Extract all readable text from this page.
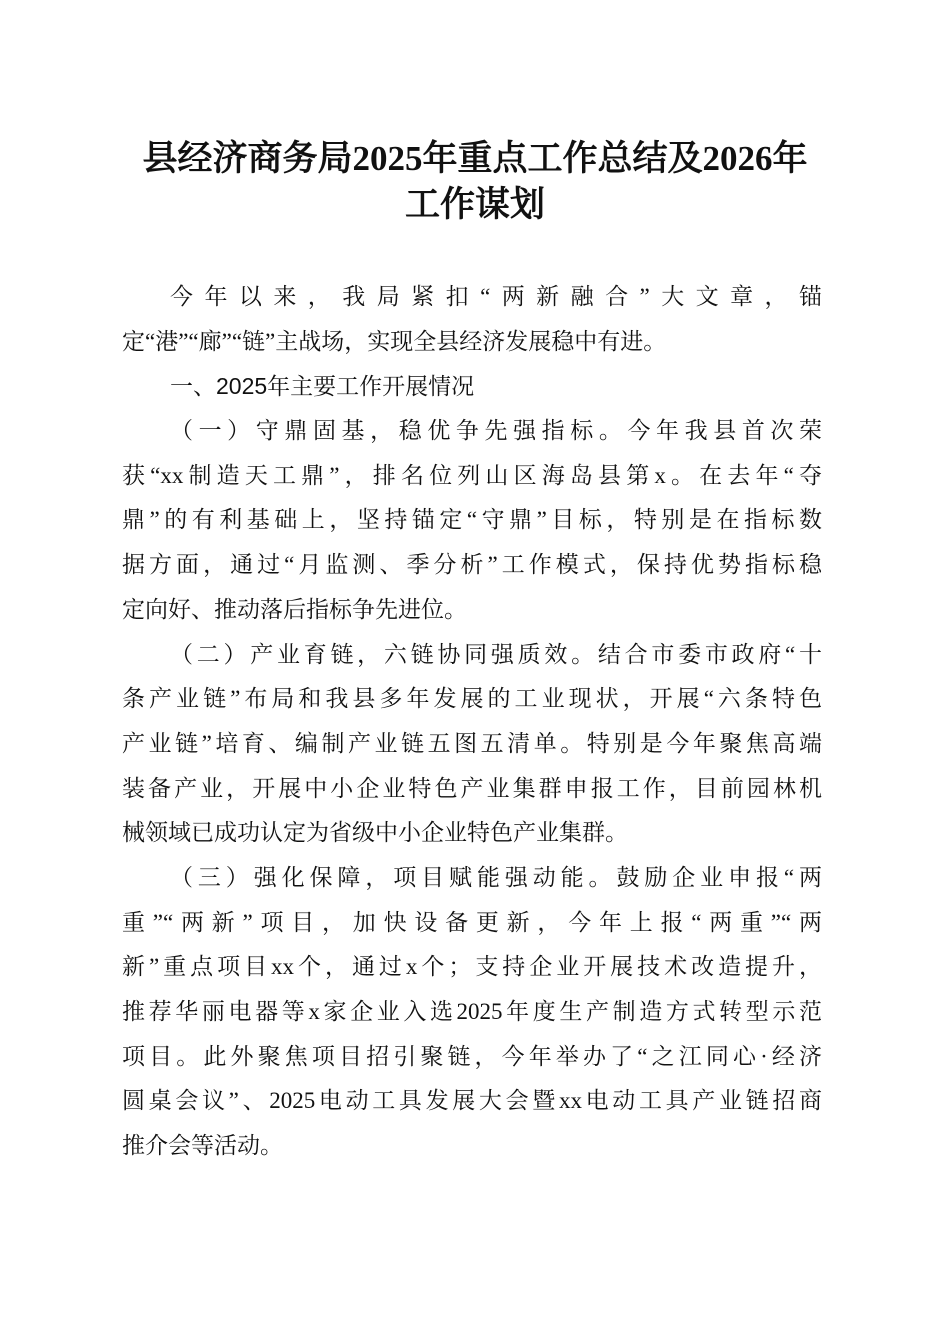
县经济商务局2025年重点工作总结及2026年
工作谋划
今年以来，我局紧扣“两新融合”大文章，锚
定“港”“廊”“链”主战场，实现全县经济发展稳中有进。
一、2025年主要工作开展情况
（一）守鼎固基，稳优争先强指标。今年我县首次荣
获“xx制造天工鼎”，排名位列山区海岛县第x。在去年“夺
鼎”的有利基础上，坚持锚定“守鼎”目标，特别是在指标数
据方面，通过“月监测、季分析”工作模式，保持优势指标稳
定向好、推动落后指标争先进位。
（二）产业育链，六链协同强质效。结合市委市政府“十
条产业链”布局和我县多年发展的工业现状，开展“六条特色
产业链”培育、编制产业链五图五清单。特别是今年聚焦高端
装备产业，开展中小企业特色产业集群申报工作，目前园林机
械领域已成功认定为省级中小企业特色产业集群。
（三）强化保障，项目赋能强动能。鼓励企业申报“两
重”“两新”项目，加快设备更新，今年上报“两重”“两
新”重点项目xx个，通过x个；支持企业开展技术改造提升，
推荐华丽电器等x家企业入选2025年度生产制造方式转型示范
项目。此外聚焦项目招引聚链，今年举办了“之江同心·经济
圆桌会议”、2025电动工具发展大会暨xx电动工具产业链招商
推介会等活动。
